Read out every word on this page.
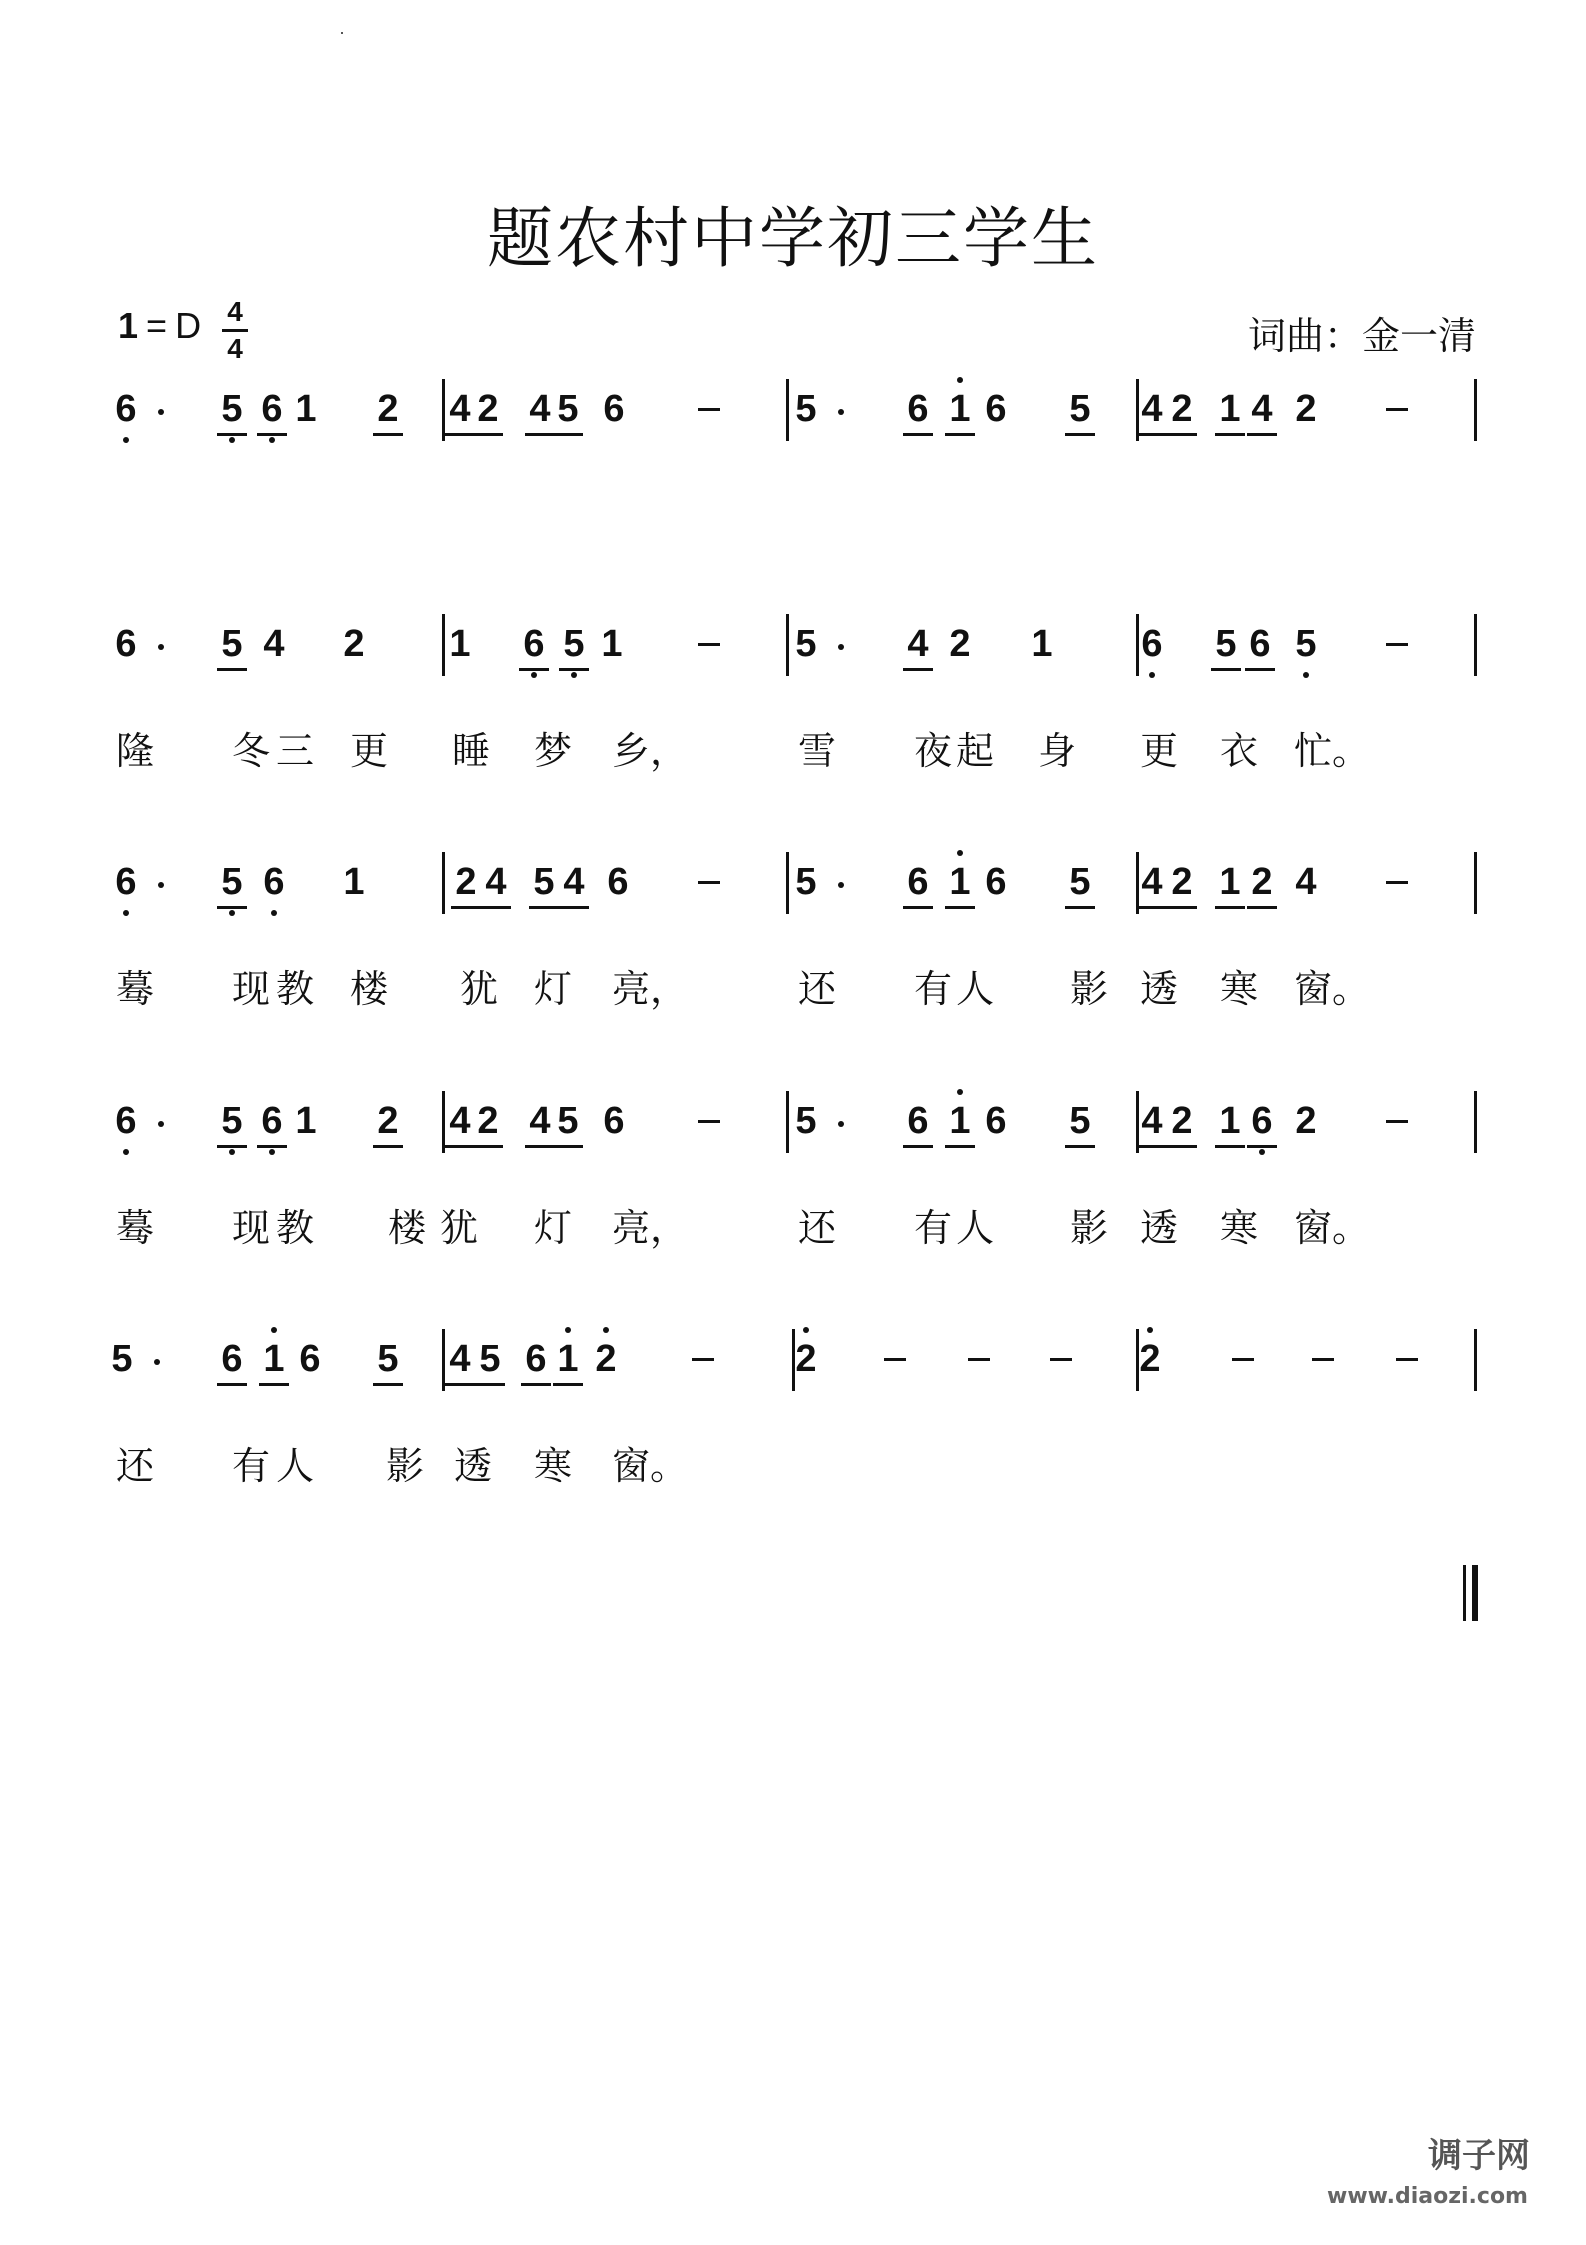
题农村中学初三学生
1 = D 4
4	词曲：金一清
6 5 6 1 2 4 2 4 5 6	5 6 1 6 5 4 2 1 4 2
6 5 4 2 1 6 5 1	5 4 2 1 6 5 6 5
隆 冬 三 更 睡 梦 乡，	雪 夜 起 身 更 衣 忙。
6 5 6 1 2 4 5 4 6	5 6 1 6 5 4 2 1 2 4
蓦 现 教 楼 犹 灯 亮，	还 有 人 影 透 寒 窗。
6 5 6 1 2 4 2 4 5 6	5 6 1 6 5 4 2 1 6 2
蓦 现 教 楼 犹 灯 亮，	还 有 人 影 透 寒 窗。
5 6 1 6 5 4 5 6 1 2	2	2
还 有 人 影 透 寒 窗。
调子网
www.diaozi.com
